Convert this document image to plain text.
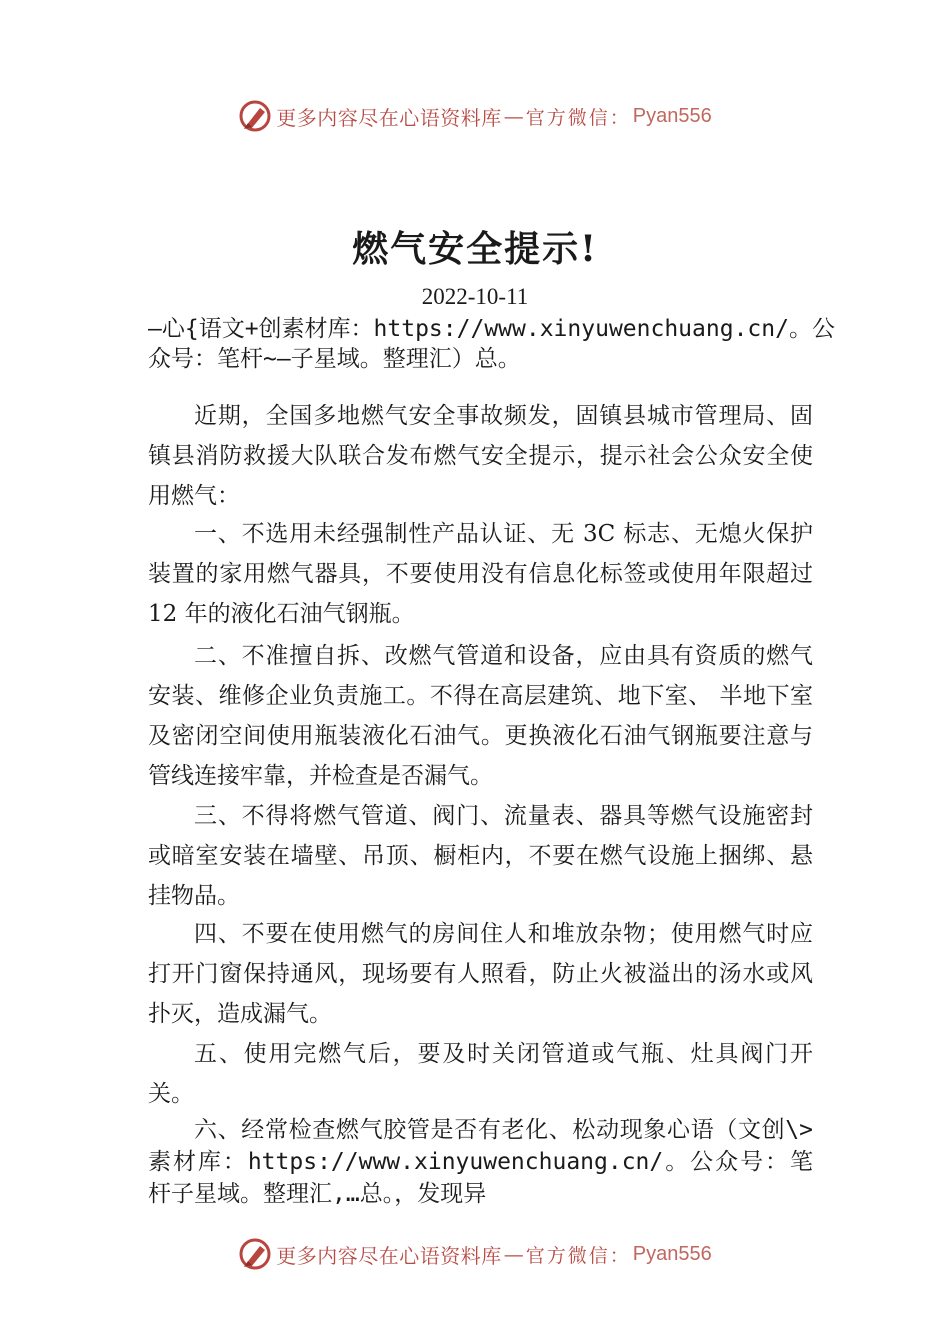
更多内容尽在心语资料库 — 官方微信： Pyan556
燃气安全提示!
2022-10-11
—心{语文+创素材库：https://www.xinyuwenchuang.cn/。公众号：笔杆~—子星域。整理汇）总。
近期，全国多地燃气安全事故频发，固镇县城市管理局、固镇县消防救援大队联合发布燃气安全提示，提示社会公众安全使用燃气：
一、不选用未经强制性产品认证、无 3C 标志、无熄火保护装置的家用燃气器具，不要使用没有信息化标签或使用年限超过 12 年的液化石油气钢瓶。
二、不准擅自拆、改燃气管道和设备，应由具有资质的燃气安装、维修企业负责施工。不得在高层建筑、地下室、 半地下室及密闭空间使用瓶装液化石油气。更换液化石油气钢瓶要注意与管线连接牢靠，并检查是否漏气。
三、不得将燃气管道、阀门、流量表、器具等燃气设施密封或暗室安装在墙壁、吊顶、橱柜内，不要在燃气设施上捆绑、悬挂物品。
四、不要在使用燃气的房间住人和堆放杂物；使用燃气时应打开门窗保持通风，现场要有人照看，防止火被溢出的汤水或风扑灭，造成漏气。
五、使用完燃气后，要及时关闭管道或气瓶、灶具阀门开关。
六、经常检查燃气胶管是否有老化、松动现象心语（文创\>素材库：https://www.xinyuwenchuang.cn/。公众号：笔杆子星域。整理汇,…总。，发现异
更多内容尽在心语资料库 — 官方微信： Pyan556
